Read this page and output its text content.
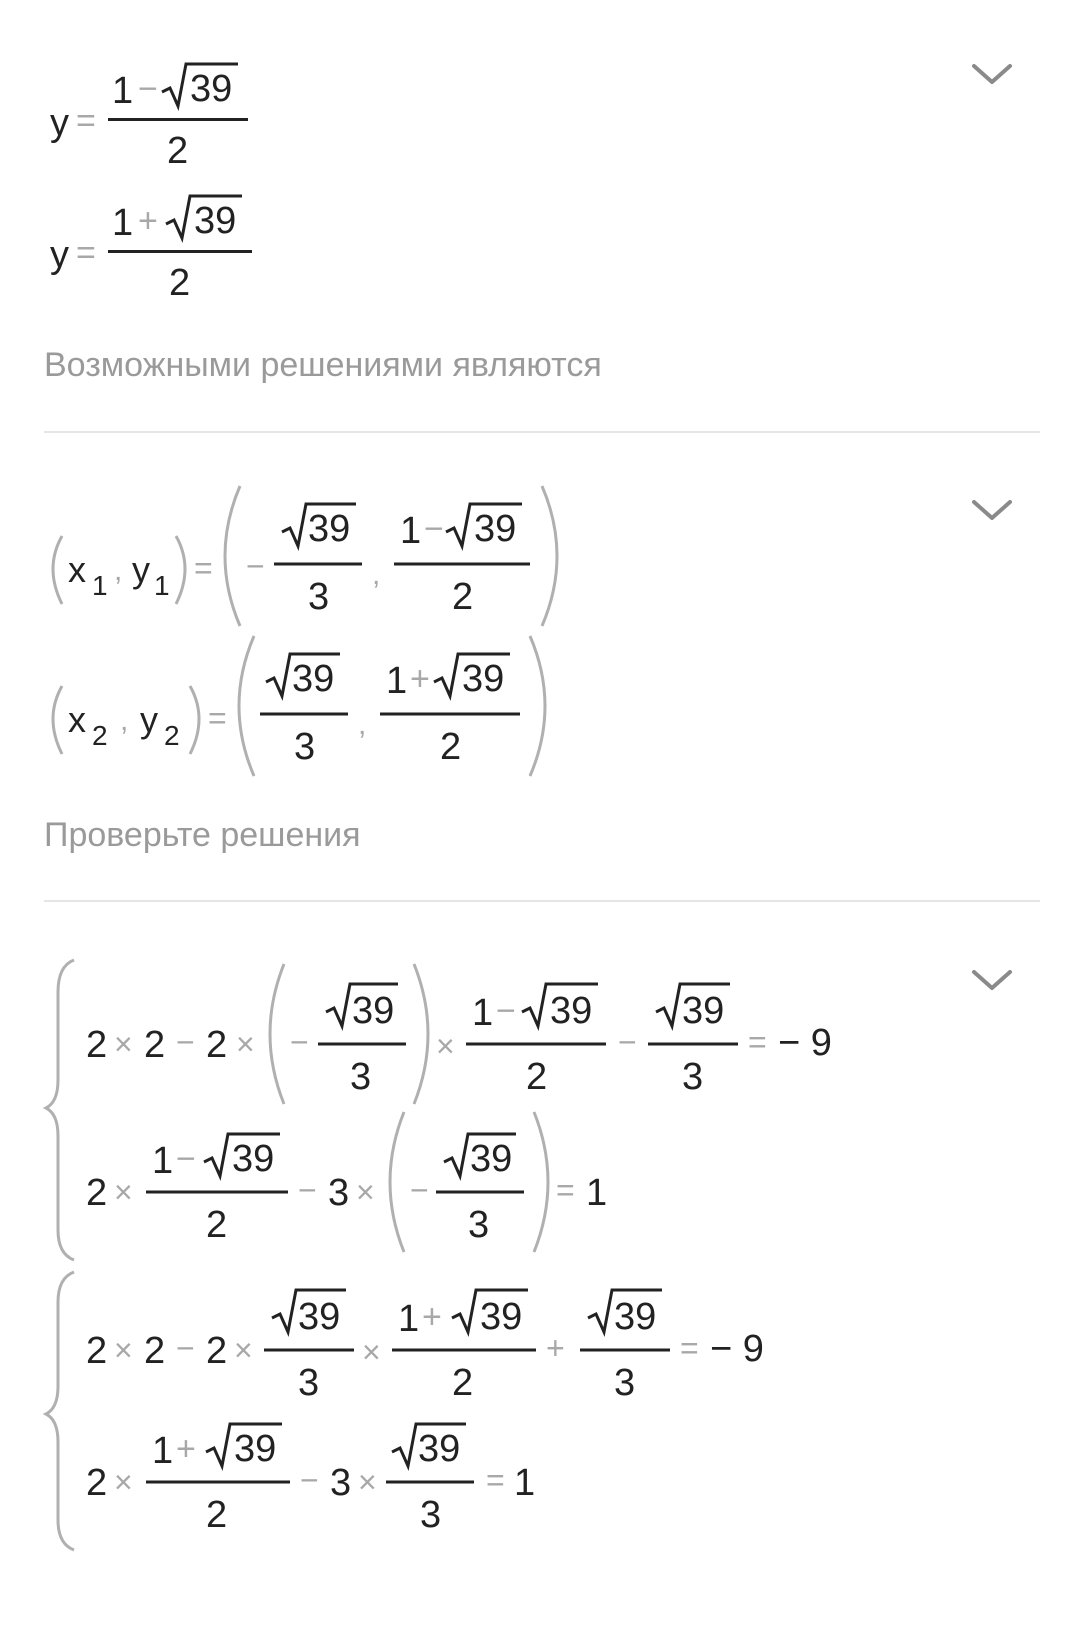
y =
1 − 39
2
y =
1 + 39
2
Возможными решениями являются
x 1 , y 1 = −
39
3
,
1 − 39
2
x 2 , y 2 =
39
3
,
1 + 39
2
Проверьте решения
2 × 2 − 2 × −
39
3
×
1 − 39
2
−
39
3
= − 9
2 ×
1 − 39
2
− 3 × −
39
3
= 1
2 × 2 − 2 ×
39
3
×
1 + 39
2
+
39
3
= − 9
2 ×
1 + 39
2
− 3 ×
39
3
= 1
